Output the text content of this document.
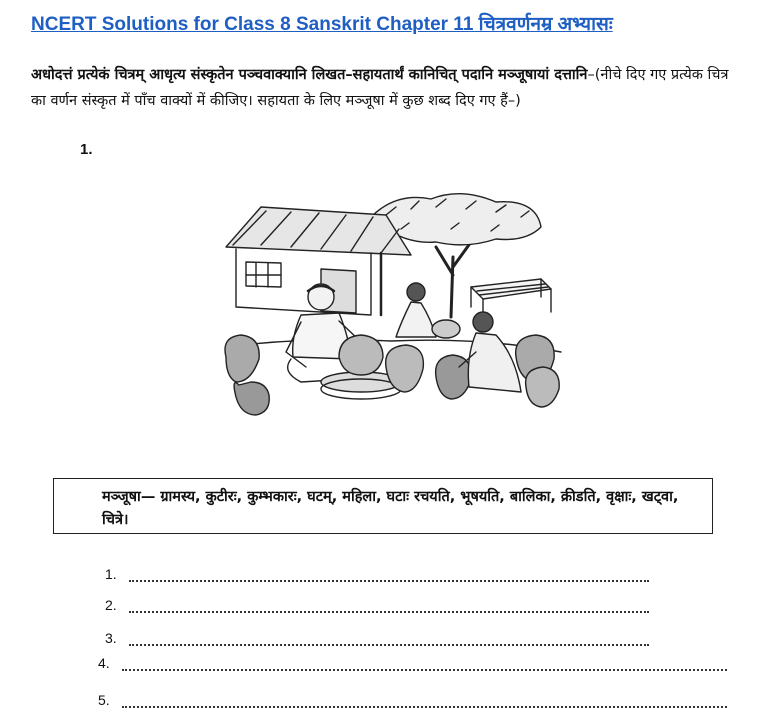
NCERT Solutions for Class 8 Sanskrit Chapter 11 चित्रवर्णनम्र अभ्यासः
अधोदत्तं प्रत्येकं चित्रम् आधृत्य संस्कृतेन पञ्चवाक्यानि लिखत–सहायतार्थं कानिचित् पदानि मञ्जूषायां दत्तानि–(नीचे दिए गए प्रत्येक चित्र का वर्णन संस्कृत में पाँच वाक्यों में कीजिए। सहायता के लिए मञ्जूषा में कुछ शब्द दिए गए हैं–)
1.
मञ्जूषा— ग्रामस्य, कुटीरः, कुम्भकारः, घटम्, महिला, घटाः रचयति, भूषयति, बालिका, क्रीडति, वृक्षाः, खट्वा, चित्रे।
1.
2.
3.
4.
5.
